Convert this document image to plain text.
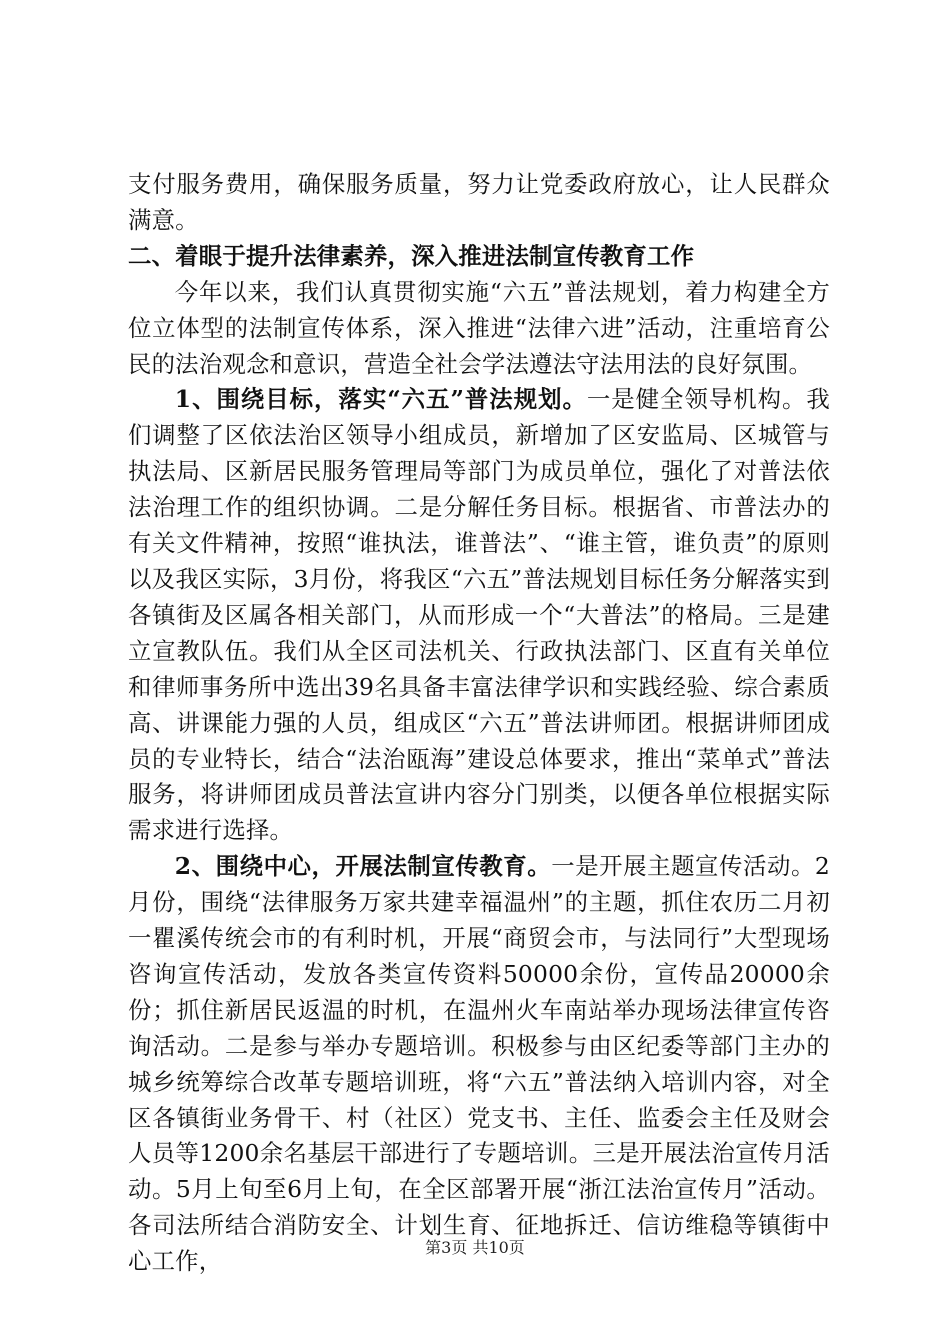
支付服务费用，确保服务质量，努力让党委政府放心，让人民群众满意。

二、着眼于提升法律素养，深入推进法制宣传教育工作

今年以来，我们认真贯彻实施“六五”普法规划，着力构建全方位立体型的法制宣传体系，深入推进“法律六进”活动，注重培育公民的法治观念和意识，营造全社会学法遵法守法用法的良好氛围。

1、围绕目标，落实“六五”普法规划。一是健全领导机构。我们调整了区依法治区领导小组成员，新增加了区安监局、区城管与执法局、区新居民服务管理局等部门为成员单位，强化了对普法依法治理工作的组织协调。二是分解任务目标。根据省、市普法办的有关文件精神，按照“谁执法，谁普法”、“谁主管，谁负责”的原则以及我区实际，3月份，将我区“六五”普法规划目标任务分解落实到各镇街及区属各相关部门，从而形成一个“大普法”的格局。三是建立宣教队伍。我们从全区司法机关、行政执法部门、区直有关单位和律师事务所中选出39名具备丰富法律学识和实践经验、综合素质高、讲课能力强的人员，组成区“六五”普法讲师团。根据讲师团成员的专业特长，结合“法治瓯海”建设总体要求，推出“菜单式”普法服务，将讲师团成员普法宣讲内容分门别类，以便各单位根据实际需求进行选择。

2、围绕中心，开展法制宣传教育。一是开展主题宣传活动。2月份，围绕“法律服务万家共建幸福温州”的主题，抓住农历二月初一瞿溪传统会市的有利时机，开展“商贸会市，与法同行”大型现场咨询宣传活动，发放各类宣传资料50000余份，宣传品20000余份；抓住新居民返温的时机，在温州火车南站举办现场法律宣传咨询活动。二是参与举办专题培训。积极参与由区纪委等部门主办的城乡统筹综合改革专题培训班，将“六五”普法纳入培训内容，对全区各镇街业务骨干、村（社区）党支书、主任、监委会主任及财会人员等1200余名基层干部进行了专题培训。三是开展法治宣传月活动。5月上旬至6月上旬，在全区部署开展“浙江法治宣传月”活动。各司法所结合消防安全、计划生育、征地拆迁、信访维稳等镇街中心工作，	第3页 共10页
